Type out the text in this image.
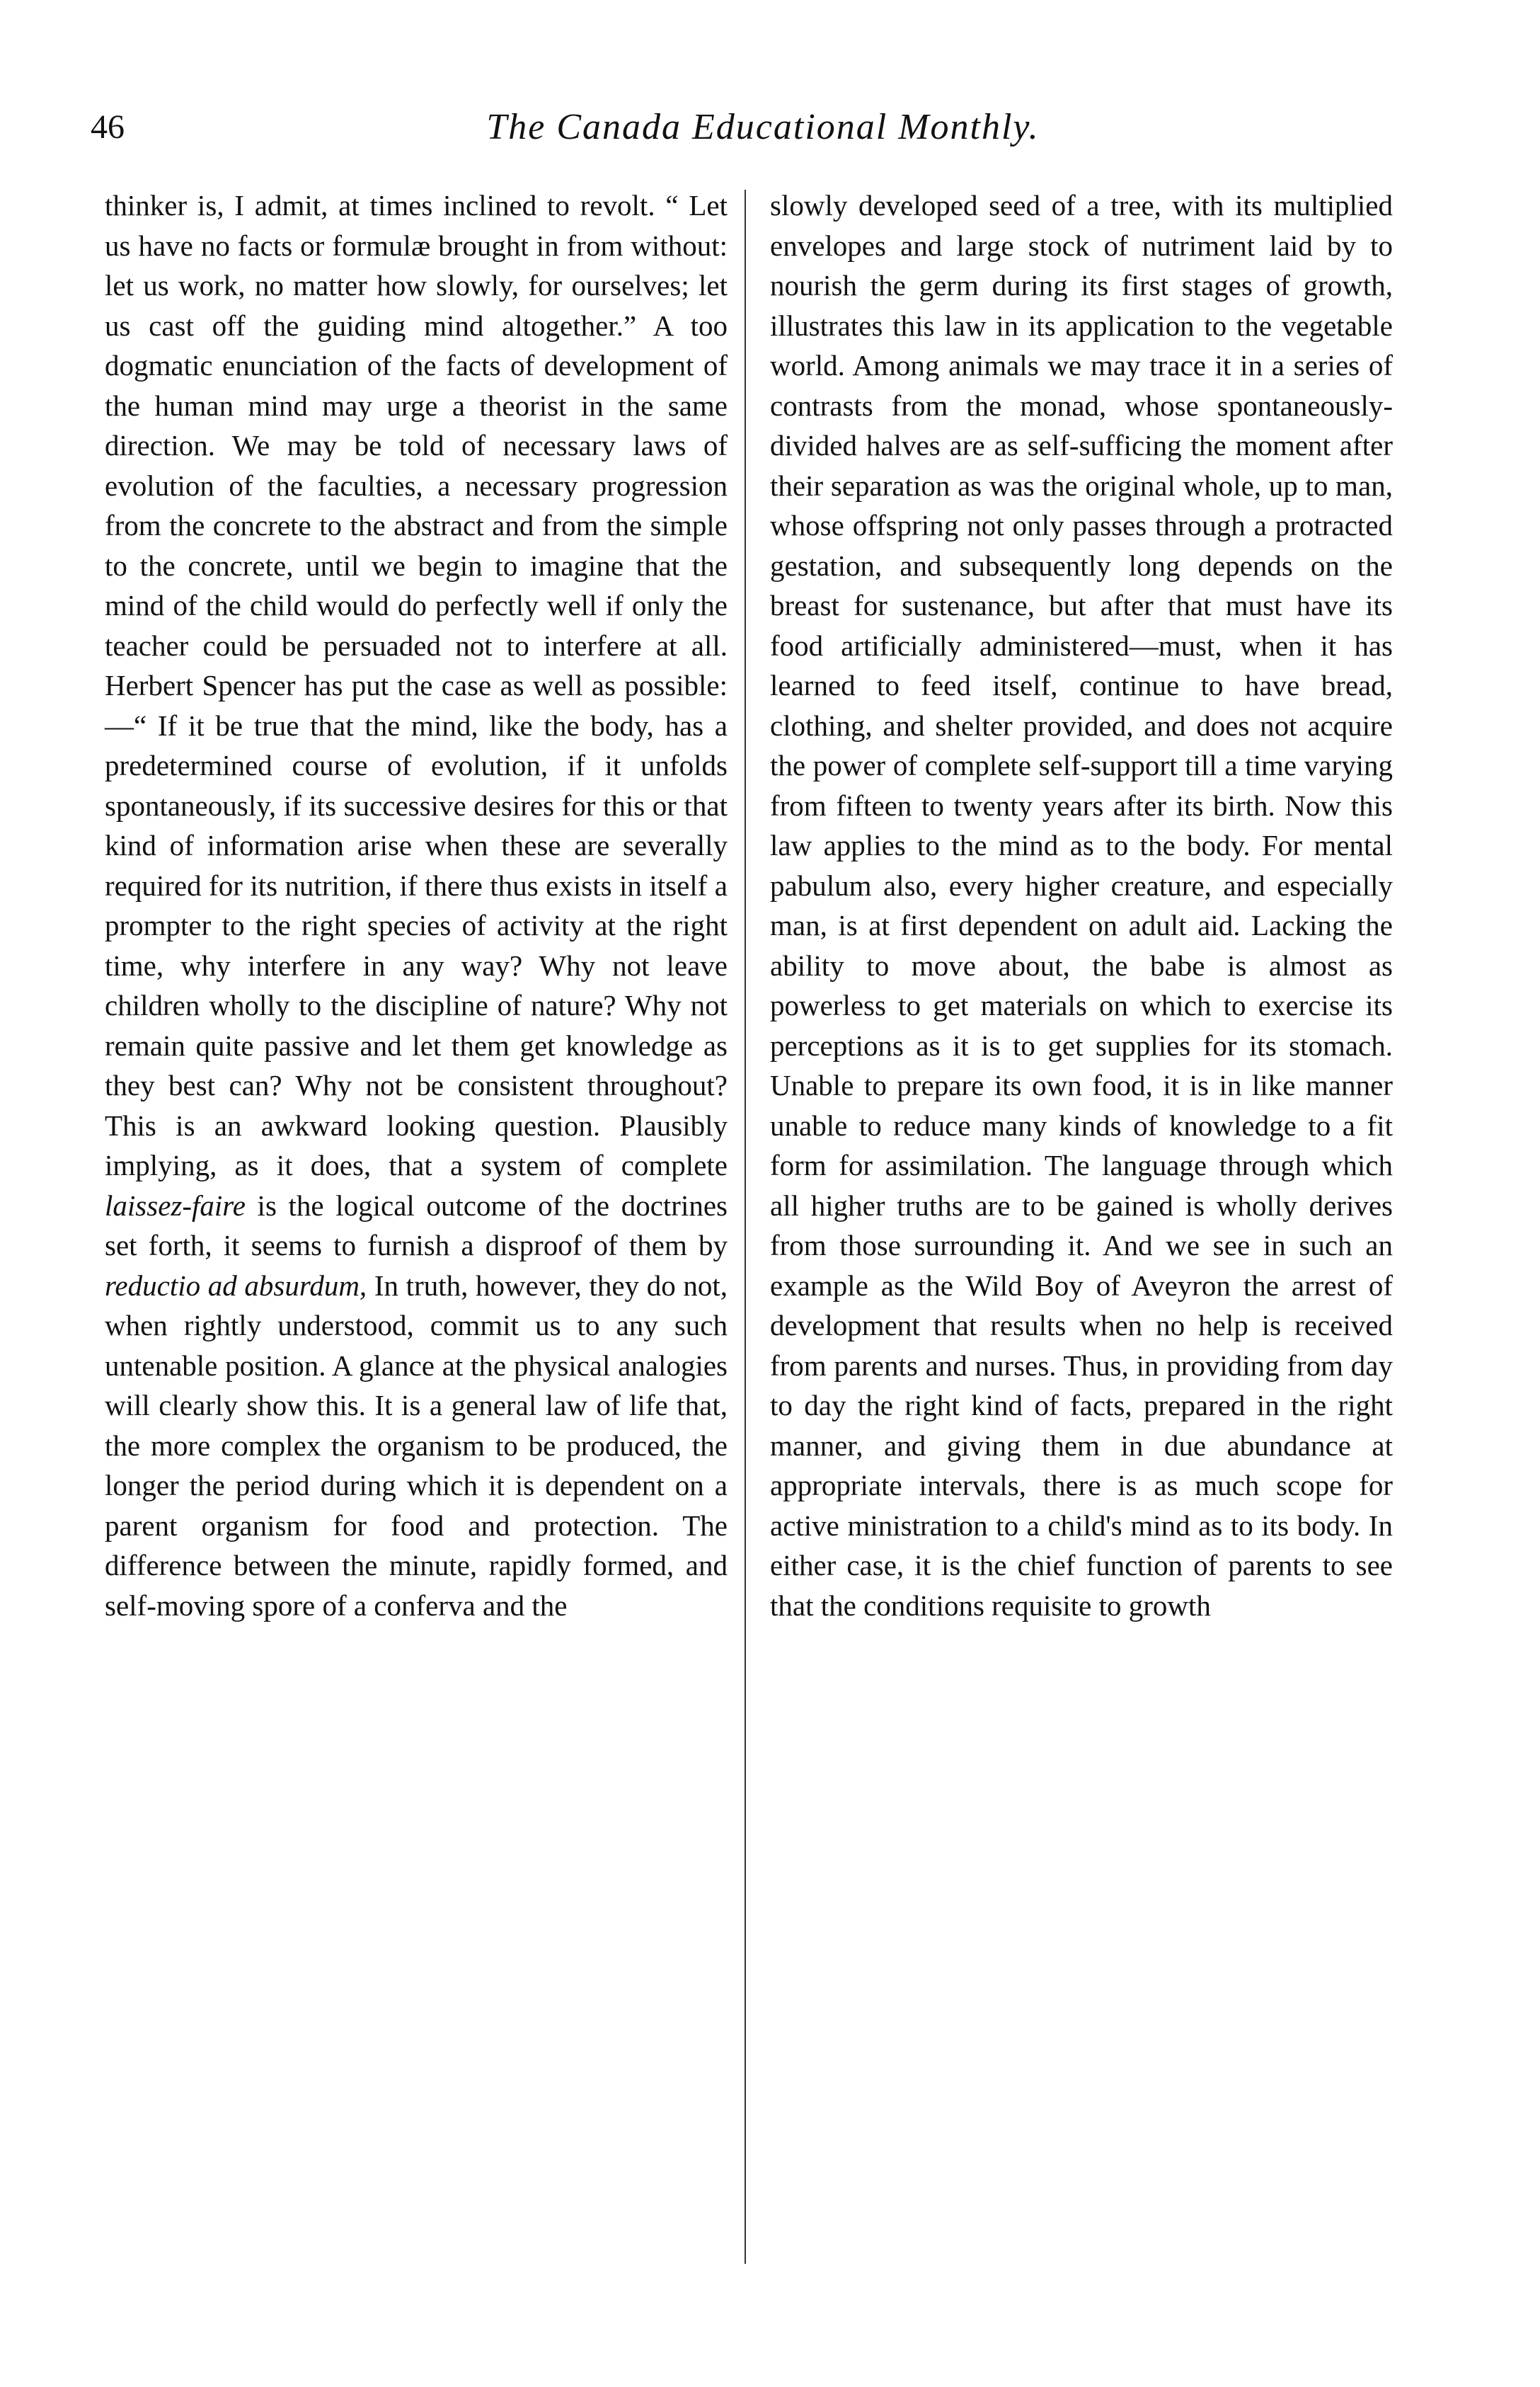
46	The Canada Educational Monthly.

thinker is, I admit, at times inclined to revolt. “ Let us have no facts or formulæ brought in from without: let us work, no matter how slowly, for ourselves; let us cast off the guiding mind altogether.” A too dogmatic enunciation of the facts of development of the human mind may urge a theorist in the same direction. We may be told of necessary laws of evolution of the faculties, a necessary progression from the concrete to the abstract and from the simple to the concrete, until we begin to imagine that the mind of the child would do perfectly well if only the teacher could be persuaded not to interfere at all. Herbert Spencer has put the case as well as possible:—“ If it be true that the mind, like the body, has a predetermined course of evolution, if it unfolds spontaneously, if its successive desires for this or that kind of information arise when these are severally required for its nutrition, if there thus exists in itself a prompter to the right species of activity at the right time, why interfere in any way? Why not leave children wholly to the discipline of nature? Why not remain quite passive and let them get knowledge as they best can? Why not be consistent throughout? This is an awkward looking question. Plausibly implying, as it does, that a system of complete laissez-faire is the logical outcome of the doctrines set forth, it seems to furnish a disproof of them by reductio ad absurdum, In truth, however, they do not, when rightly understood, commit us to any such untenable position. A glance at the physical analogies will clearly show this. It is a general law of life that, the more complex the organism to be produced, the longer the period during which it is dependent on a parent organism for food and protection. The difference between the minute, rapidly formed, and self-moving spore of a conferva and the

slowly developed seed of a tree, with its multiplied envelopes and large stock of nutriment laid by to nourish the germ during its first stages of growth, illustrates this law in its application to the vegetable world. Among animals we may trace it in a series of contrasts from the monad, whose spontaneously-divided halves are as self-sufficing the moment after their separation as was the original whole, up to man, whose offspring not only passes through a protracted gestation, and subsequently long depends on the breast for sustenance, but after that must have its food artificially administered—must, when it has learned to feed itself, continue to have bread, clothing, and shelter provided, and does not acquire the power of complete self-support till a time varying from fifteen to twenty years after its birth. Now this law applies to the mind as to the body. For mental pabulum also, every higher creature, and especially man, is at first dependent on adult aid. Lacking the ability to move about, the babe is almost as powerless to get materials on which to exercise its perceptions as it is to get supplies for its stomach. Unable to prepare its own food, it is in like manner unable to reduce many kinds of knowledge to a fit form for assimilation. The language through which all higher truths are to be gained is wholly derives from those surrounding it. And we see in such an example as the Wild Boy of Aveyron the arrest of development that results when no help is received from parents and nurses. Thus, in providing from day to day the right kind of facts, prepared in the right manner, and giving them in due abundance at appropriate intervals, there is as much scope for active ministration to a child's mind as to its body. In either case, it is the chief function of parents to see that the conditions requisite to growth
